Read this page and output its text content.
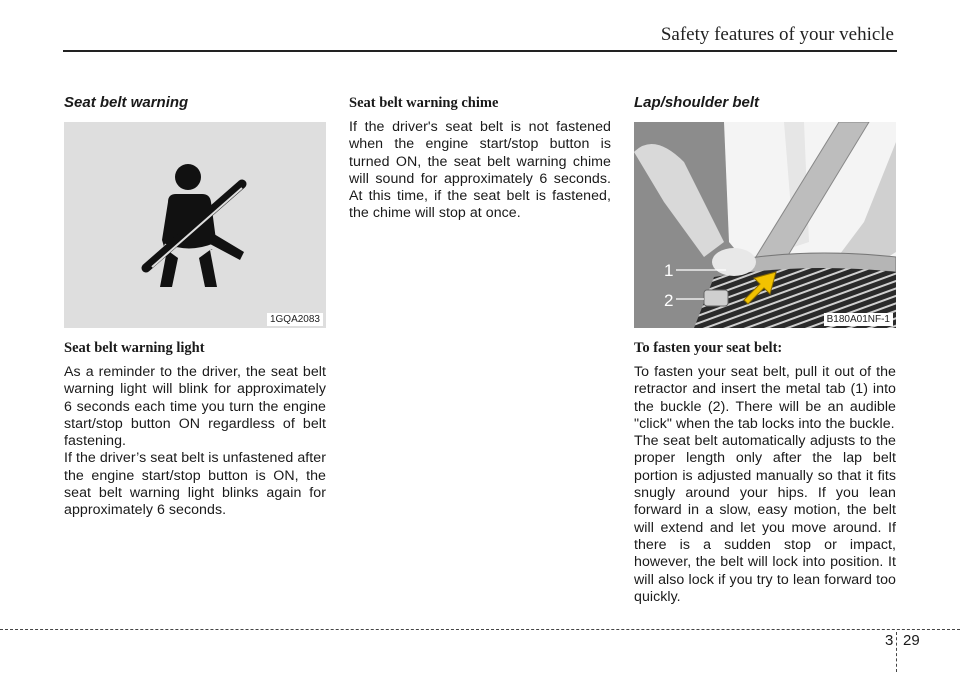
Safety features of your vehicle
Seat belt warning
1GQA2083
Seat belt warning light

As a reminder to the driver, the seat belt warning light will blink for approximately 6 seconds each time you turn the engine start/stop button ON regardless of belt fastening.

If the driver’s seat belt is unfastened after the engine start/stop button is ON, the seat belt warning light blinks again for approximately 6 seconds.

Seat belt warning chime

If the driver's seat belt is not fastened when the engine start/stop button is turned ON, the seat belt warning chime will sound for approximately 6 seconds. At this time, if the seat belt is fastened, the chime will stop at once.

Lap/shoulder belt
1
2
B180A01NF-1
To fasten your seat belt:

To fasten your seat belt, pull it out of the retractor and insert the metal tab (1) into the buckle (2). There will be an audible "click" when the tab locks into the buckle.

The seat belt automatically adjusts to the proper length only after the lap belt portion is adjusted manually so that it fits snugly around your hips. If you lean forward in a slow, easy motion, the belt will extend and let you move around. If there is a sudden stop or impact, however, the belt will lock into position. It will also lock if you try to lean forward too quickly.

3 29
